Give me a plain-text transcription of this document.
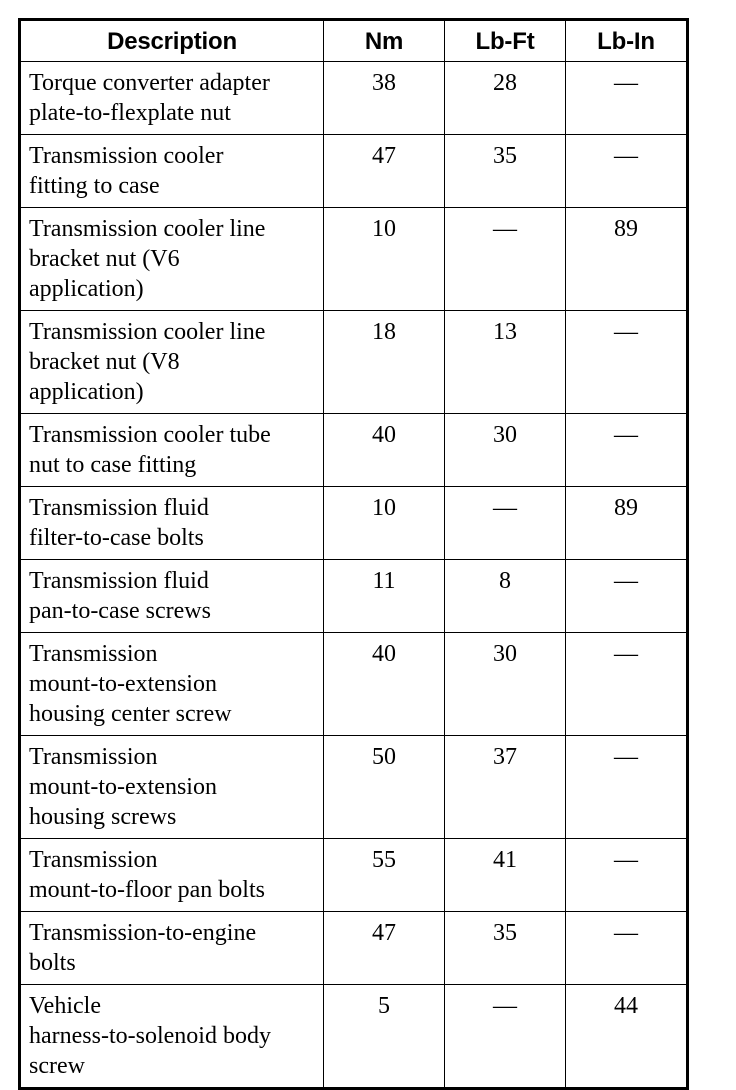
Description	Nm	Lb-Ft	Lb-In

Torque converter adapter
plate-to-flexplate nut	38	28	—

Transmission cooler
fitting to case	47	35	—

Transmission cooler line
bracket nut (V6
application)	10	—	89

Transmission cooler line
bracket nut (V8
application)	18	13	—

Transmission cooler tube
nut to case fitting	40	30	—

Transmission fluid
filter-to-case bolts	10	—	89

Transmission fluid
pan-to-case screws	11	8	—

Transmission
mount-to-extension
housing center screw	40	30	—

Transmission
mount-to-extension
housing screws	50	37	—

Transmission
mount-to-floor pan bolts	55	41	—

Transmission-to-engine
bolts	47	35	—

Vehicle
harness-to-solenoid body
screw	5	—	44
